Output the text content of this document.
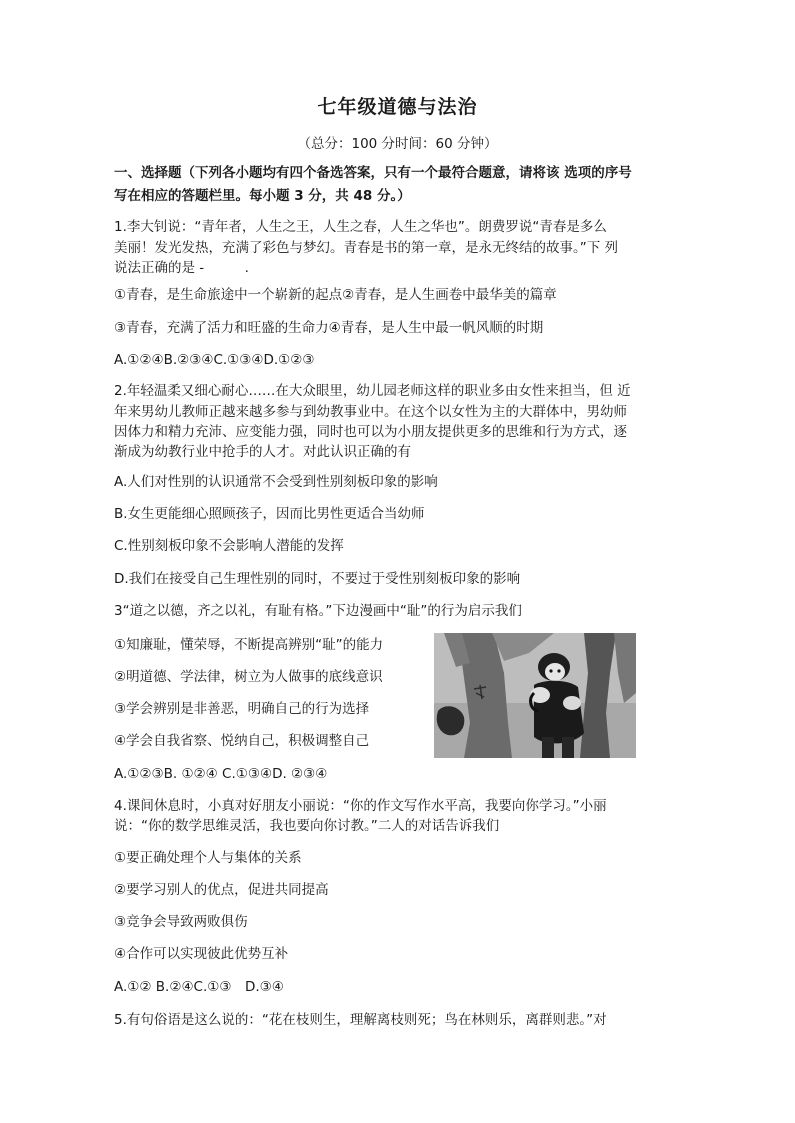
七年级道德与法治
（总分：100 分时间：60 分钟）
一、选择题（下列各小题均有四个备选答案，只有一个最符合题意，请将该 选项的序号
写在相应的答题栏里。每小题 3 分，共 48 分。）
1.李大钊说：“青年者，人生之王，人生之春，人生之华也”。朗费罗说“青春是多么
美丽！发光发热，充满了彩色与梦幻。青春是书的第一章，是永无终结的故事。”下 列
说法正确的是 -　　　.
①青春，是生命旅途中一个崭新的起点②青春，是人生画卷中最华美的篇章
③青春，充满了活力和旺盛的生命力④青春，是人生中最一帆风顺的时期
A.①②④B.②③④C.①③④D.①②③
2.年轻温柔又细心耐心……在大众眼里，幼儿园老师这样的职业多由女性来担当，但 近
年来男幼儿教师正越来越多参与到幼教事业中。在这个以女性为主的大群体中，男幼师
因体力和精力充沛、应变能力强，同时也可以为小朋友提供更多的思维和行为方式，逐
渐成为幼教行业中抢手的人才。对此认识正确的有
A.人们对性别的认识通常不会受到性别刻板印象的影响
B.女生更能细心照顾孩子，因而比男性更适合当幼师
C.性别刻板印象不会影响人潜能的发挥
D.我们在接受自己生理性别的同时，不要过于受性别刻板印象的影响
3“道之以德，齐之以礼，有耻有格。”下边漫画中“耻”的行为启示我们
①知廉耻，懂荣辱，不断提高辨别“耻”的能力
②明道德、学法律，树立为人做事的底线意识
③学会辨别是非善恶，明确自己的行为选择
④学会自我省察、悦纳自己，积极调整自己
A.①②③B. ①②④ C.①③④D. ②③④
4.课间休息时，小真对好朋友小丽说：“你的作文写作水平高，我要向你学习。”小丽
说：“你的数学思维灵活，我也要向你讨教。”二人的对话告诉我们
①要正确处理个人与集体的关系
②要学习别人的优点，促进共同提高
③竞争会导致两败俱伤
④合作可以实现彼此优势互补
A.①② B.②④C.①③　D.③④
5.有句俗语是这么说的：“花在枝则生，理解离枝则死；鸟在林则乐，离群则悲。”对
